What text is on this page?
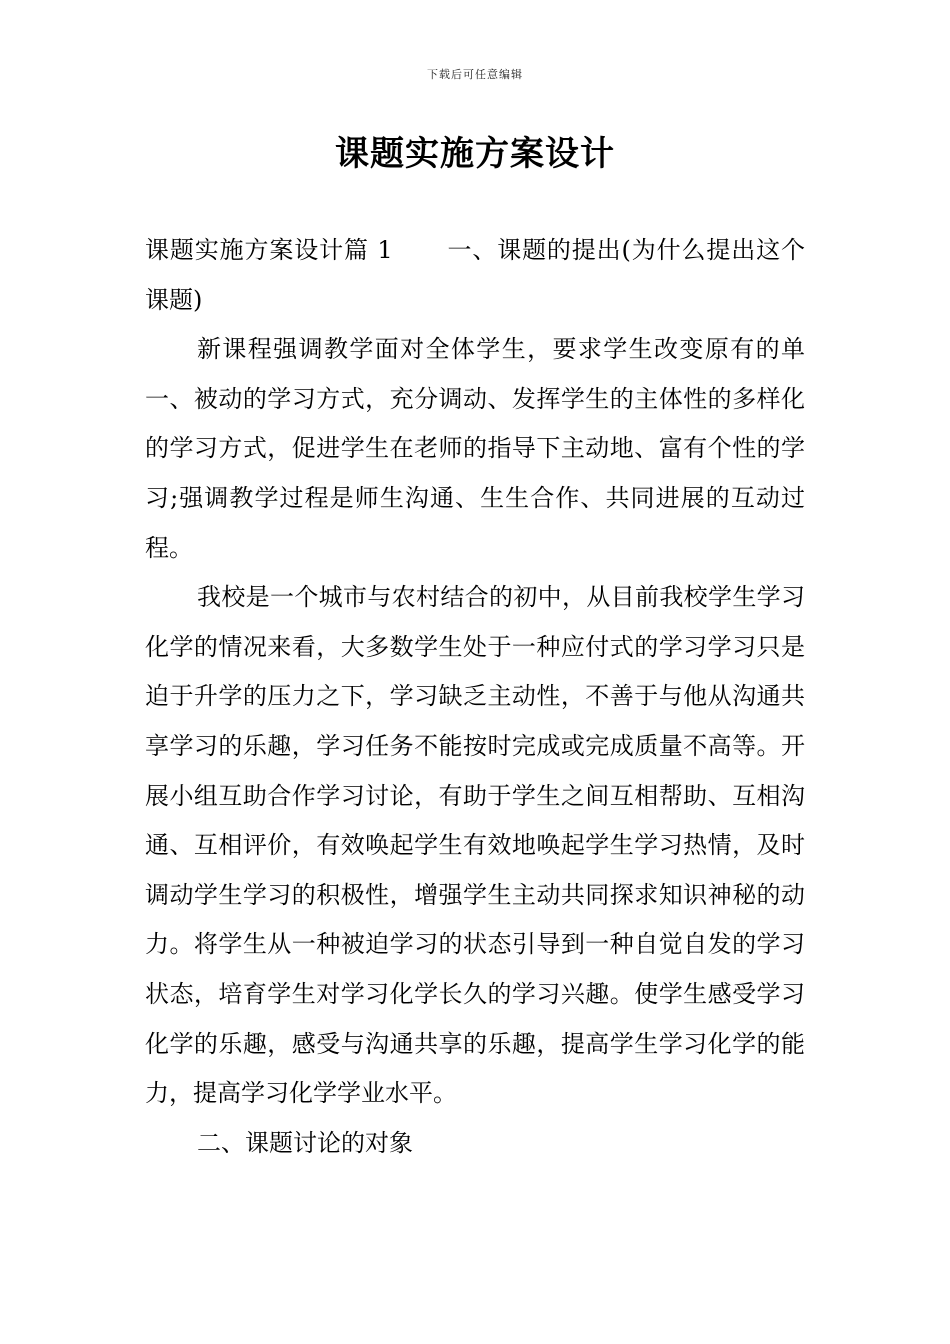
下载后可任意编辑
课题实施方案设计

课题实施方案设计篇 1 一、课题的提出(为什么提出这个课题)

新课程强调教学面对全体学生，要求学生改变原有的单一、被动的学习方式，充分调动、发挥学生的主体性的多样化的学习方式，促进学生在老师的指导下主动地、富有个性的学习;强调教学过程是师生沟通、生生合作、共同进展的互动过程。

我校是一个城市与农村结合的初中，从目前我校学生学习化学的情况来看，大多数学生处于一种应付式的学习学习只是迫于升学的压力之下，学习缺乏主动性，不善于与他从沟通共享学习的乐趣，学习任务不能按时完成或完成质量不高等。开展小组互助合作学习讨论，有助于学生之间互相帮助、互相沟通、互相评价，有效唤起学生有效地唤起学生学习热情，及时调动学生学习的积极性，增强学生主动共同探求知识神秘的动力。将学生从一种被迫学习的状态引导到一种自觉自发的学习状态，培育学生对学习化学长久的学习兴趣。使学生感受学习化学的乐趣，感受与沟通共享的乐趣，提高学生学习化学的能力，提高学习化学学业水平。

二、课题讨论的对象
